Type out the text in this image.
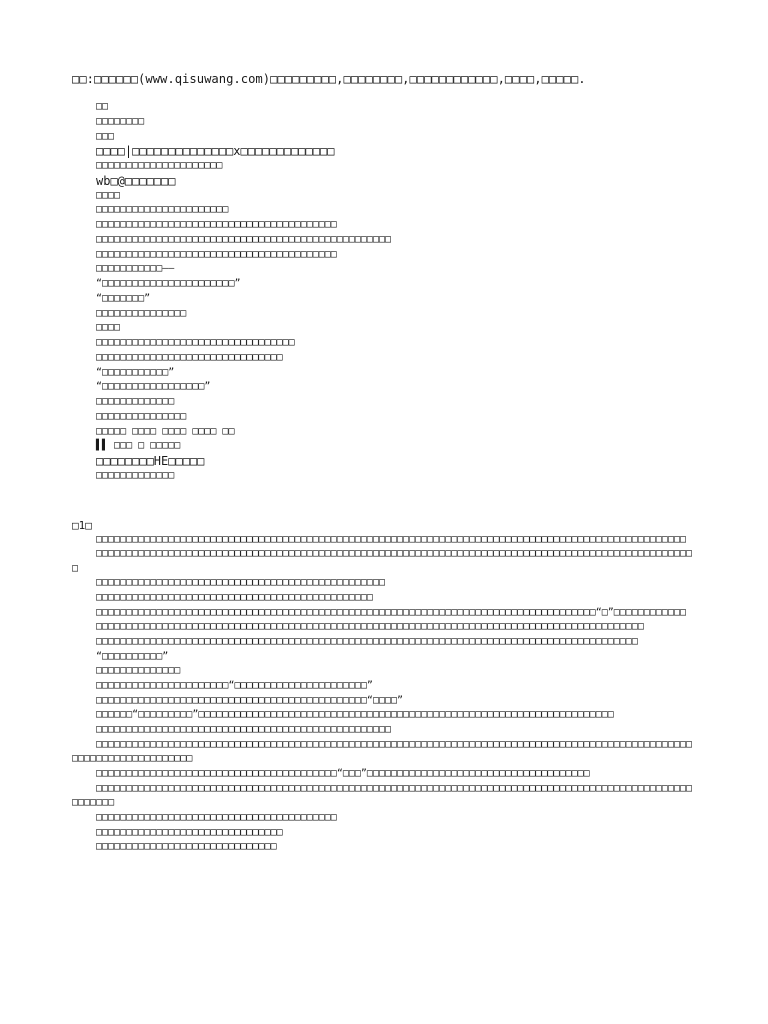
□□:□□□□□□(www.qisuwang.com)□□□□□□□□□,□□□□□□□□,□□□□□□□□□□□□,□□□□,□□□□□.

□□

□□□□□□□□

□□□

□□□□|□□□□□□□□□□□□□□x□□□□□□□□□□□□□

□□□□□□□□□□□□□□□□□□□□□

wb□@□□□□□□□

□□□□

□□□□□□□□□□□□□□□□□□□□□□

□□□□□□□□□□□□□□□□□□□□□□□□□□□□□□□□□□□□□□□□

□□□□□□□□□□□□□□□□□□□□□□□□□□□□□□□□□□□□□□□□□□□□□□□□□

□□□□□□□□□□□□□□□□□□□□□□□□□□□□□□□□□□□□□□□□

□□□□□□□□□□□——

“□□□□□□□□□□□□□□□□□□□□□□”

“□□□□□□□”

□□□□□□□□□□□□□□□

□□□□

□□□□□□□□□□□□□□□□□□□□□□□□□□□□□□□□□

□□□□□□□□□□□□□□□□□□□□□□□□□□□□□□□

“□□□□□□□□□□□”

“□□□□□□□□□□□□□□□□□”

□□□□□□□□□□□□□

□□□□□□□□□□□□□□□

□□□□□ □□□□ □□□□ □□□□ □□

▌▌ □□□ □ □□□□□

□□□□□□□□HE□□□□□

□□□□□□□□□□□□□

□1□

□□□□□□□□□□□□□□□□□□□□□□□□□□□□□□□□□□□□□□□□□□□□□□□□□□□□□□□□□□□□□□□□□□□□□□□□□□□□□□□□□□□□□□□□□□□□□□□□□□

□□□□□□□□□□□□□□□□□□□□□□□□□□□□□□□□□□□□□□□□□□□□□□□□□□□□□□□□□□□□□□□□□□□□□□□□□□□□□□□□□□□□□□□□□□□□□□□□□□□□

□□□□□□□□□□□□□□□□□□□□□□□□□□□□□□□□□□□□□□□□□□□□□□□□

□□□□□□□□□□□□□□□□□□□□□□□□□□□□□□□□□□□□□□□□□□□□□□

□□□□□□□□□□□□□□□□□□□□□□□□□□□□□□□□□□□□□□□□□□□□□□□□□□□□□□□□□□□□□□□□□□□□□□□□□□□□□□□□□□□“□”□□□□□□□□□□□□

□□□□□□□□□□□□□□□□□□□□□□□□□□□□□□□□□□□□□□□□□□□□□□□□□□□□□□□□□□□□□□□□□□□□□□□□□□□□□□□□□□□□□□□□□□□

□□□□□□□□□□□□□□□□□□□□□□□□□□□□□□□□□□□□□□□□□□□□□□□□□□□□□□□□□□□□□□□□□□□□□□□□□□□□□□□□□□□□□□□□□□

“□□□□□□□□□□”

□□□□□□□□□□□□□□

□□□□□□□□□□□□□□□□□□□□□□“□□□□□□□□□□□□□□□□□□□□□□”

□□□□□□□□□□□□□□□□□□□□□□□□□□□□□□□□□□□□□□□□□□□□□“□□□□”

□□□□□□“□□□□□□□□□”□□□□□□□□□□□□□□□□□□□□□□□□□□□□□□□□□□□□□□□□□□□□□□□□□□□□□□□□□□□□□□□□□□□□□

□□□□□□□□□□□□□□□□□□□□□□□□□□□□□□□□□□□□□□□□□□□□□□□□□

□□□□□□□□□□□□□□□□□□□□□□□□□□□□□□□□□□□□□□□□□□□□□□□□□□□□□□□□□□□□□□□□□□□□□□□□□□□□□□□□□□□□□□□□□□□□□□□□□□□□□□□□□□□□□□□□□□□□□□□

□□□□□□□□□□□□□□□□□□□□□□□□□□□□□□□□□□□□□□□□“□□□”□□□□□□□□□□□□□□□□□□□□□□□□□□□□□□□□□□□□□

□□□□□□□□□□□□□□□□□□□□□□□□□□□□□□□□□□□□□□□□□□□□□□□□□□□□□□□□□□□□□□□□□□□□□□□□□□□□□□□□□□□□□□□□□□□□□□□□□□□□□□□□□□

□□□□□□□□□□□□□□□□□□□□□□□□□□□□□□□□□□□□□□□□

□□□□□□□□□□□□□□□□□□□□□□□□□□□□□□□

□□□□□□□□□□□□□□□□□□□□□□□□□□□□□□
